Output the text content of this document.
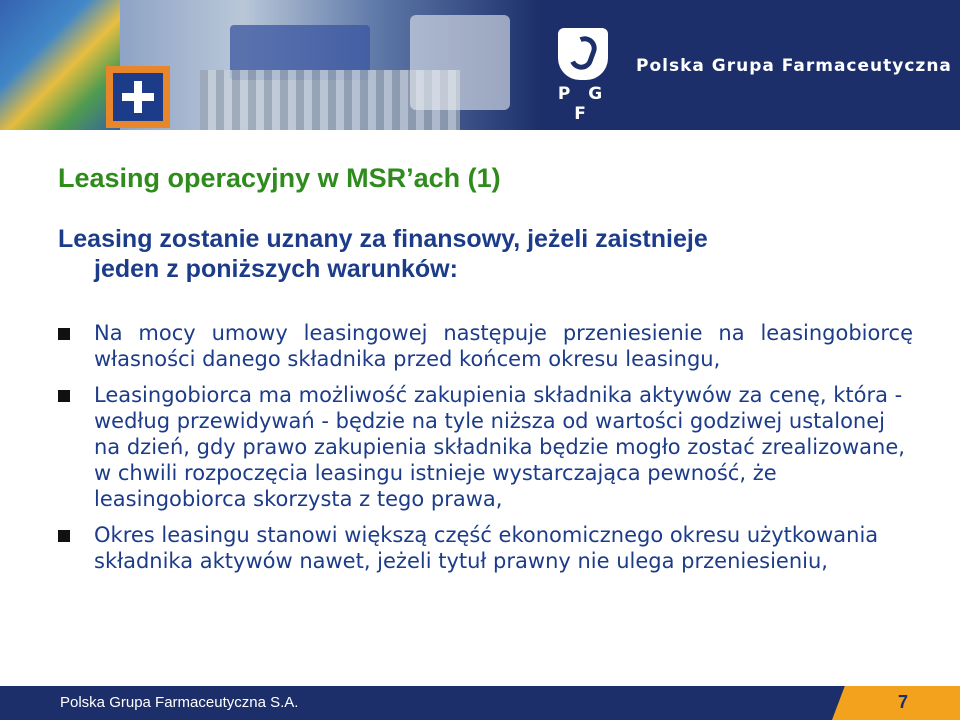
P G F
Polska Grupa Farmaceutyczna
Leasing operacyjny w MSR’ach (1)
Leasing zostanie uznany za finansowy, jeżeli zaistnieje
jeden z poniższych warunków:
Na mocy umowy leasingowej następuje przeniesienie na leasingobiorcę własności danego składnika przed końcem okresu leasingu,
Leasingobiorca ma możliwość zakupienia składnika aktywów za cenę, która - według przewidywań - będzie na tyle niższa od wartości godziwej ustalonej na dzień, gdy prawo zakupienia składnika będzie mogło zostać zrealizowane, w chwili rozpoczęcia leasingu istnieje wystarczająca pewność, że leasingobiorca skorzysta z tego prawa,
Okres leasingu stanowi większą część ekonomicznego okresu użytkowania składnika aktywów nawet, jeżeli tytuł prawny nie ulega przeniesieniu,
Polska Grupa Farmaceutyczna S.A.	7
